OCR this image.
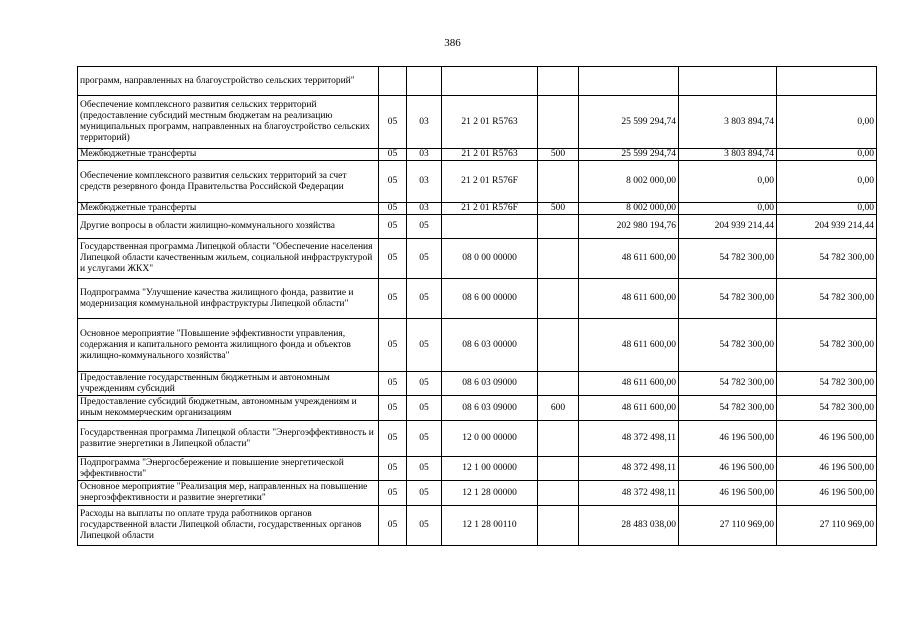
386
программ, направленных на благоустройство сельских территорий"							
Обеспечение комплексного развития сельских территорий (предоставление субсидий местным бюджетам на реализацию муниципальных программ, направленных на благоустройство сельских территорий)	05	03	21 2 01 R5763		25 599 294,74	3 803 894,74	0,00
Межбюджетные трансферты	05	03	21 2 01 R5763	500	25 599 294,74	3 803 894,74	0,00
Обеспечение комплексного развития сельских территорий за счет средств резервного фонда Правительства Российской Федерации	05	03	21 2 01 R576F		8 002 000,00	0,00	0,00
Межбюджетные трансферты	05	03	21 2 01 R576F	500	8 002 000,00	0,00	0,00
Другие вопросы в области жилищно-коммунального хозяйства	05	05			202 980 194,76	204 939 214,44	204 939 214,44
Государственная программа Липецкой области "Обеспечение населения Липецкой области качественным жильем, социальной инфраструктурой и услугами ЖКХ"	05	05	08 0 00 00000		48 611 600,00	54 782 300,00	54 782 300,00
Подпрограмма "Улучшение качества жилищного фонда, развитие и модернизация коммунальной инфраструктуры Липецкой области"	05	05	08 6 00 00000		48 611 600,00	54 782 300,00	54 782 300,00
Основное мероприятие "Повышение эффективности управления, содержания и капитального ремонта жилищного фонда и объектов жилищно-коммунального хозяйства"	05	05	08 6 03 00000		48 611 600,00	54 782 300,00	54 782 300,00
Предоставление государственным бюджетным и автономным учреждениям субсидий	05	05	08 6 03 09000		48 611 600,00	54 782 300,00	54 782 300,00
Предоставление субсидий бюджетным, автономным учреждениям и иным некоммерческим организациям	05	05	08 6 03 09000	600	48 611 600,00	54 782 300,00	54 782 300,00
Государственная программа Липецкой области "Энергоэффективность и развитие энергетики в Липецкой области"	05	05	12 0 00 00000		48 372 498,11	46 196 500,00	46 196 500,00
Подпрограмма "Энергосбережение и повышение энергетической эффективности"	05	05	12 1 00 00000		48 372 498,11	46 196 500,00	46 196 500,00
Основное мероприятие "Реализация мер, направленных на повышение энергоэффективности и развитие энергетики"	05	05	12 1 28 00000		48 372 498,11	46 196 500,00	46 196 500,00
Расходы на выплаты по оплате труда работников органов государственной власти Липецкой области, государственных органов Липецкой области	05	05	12 1 28 00110		28 483 038,00	27 110 969,00	27 110 969,00
